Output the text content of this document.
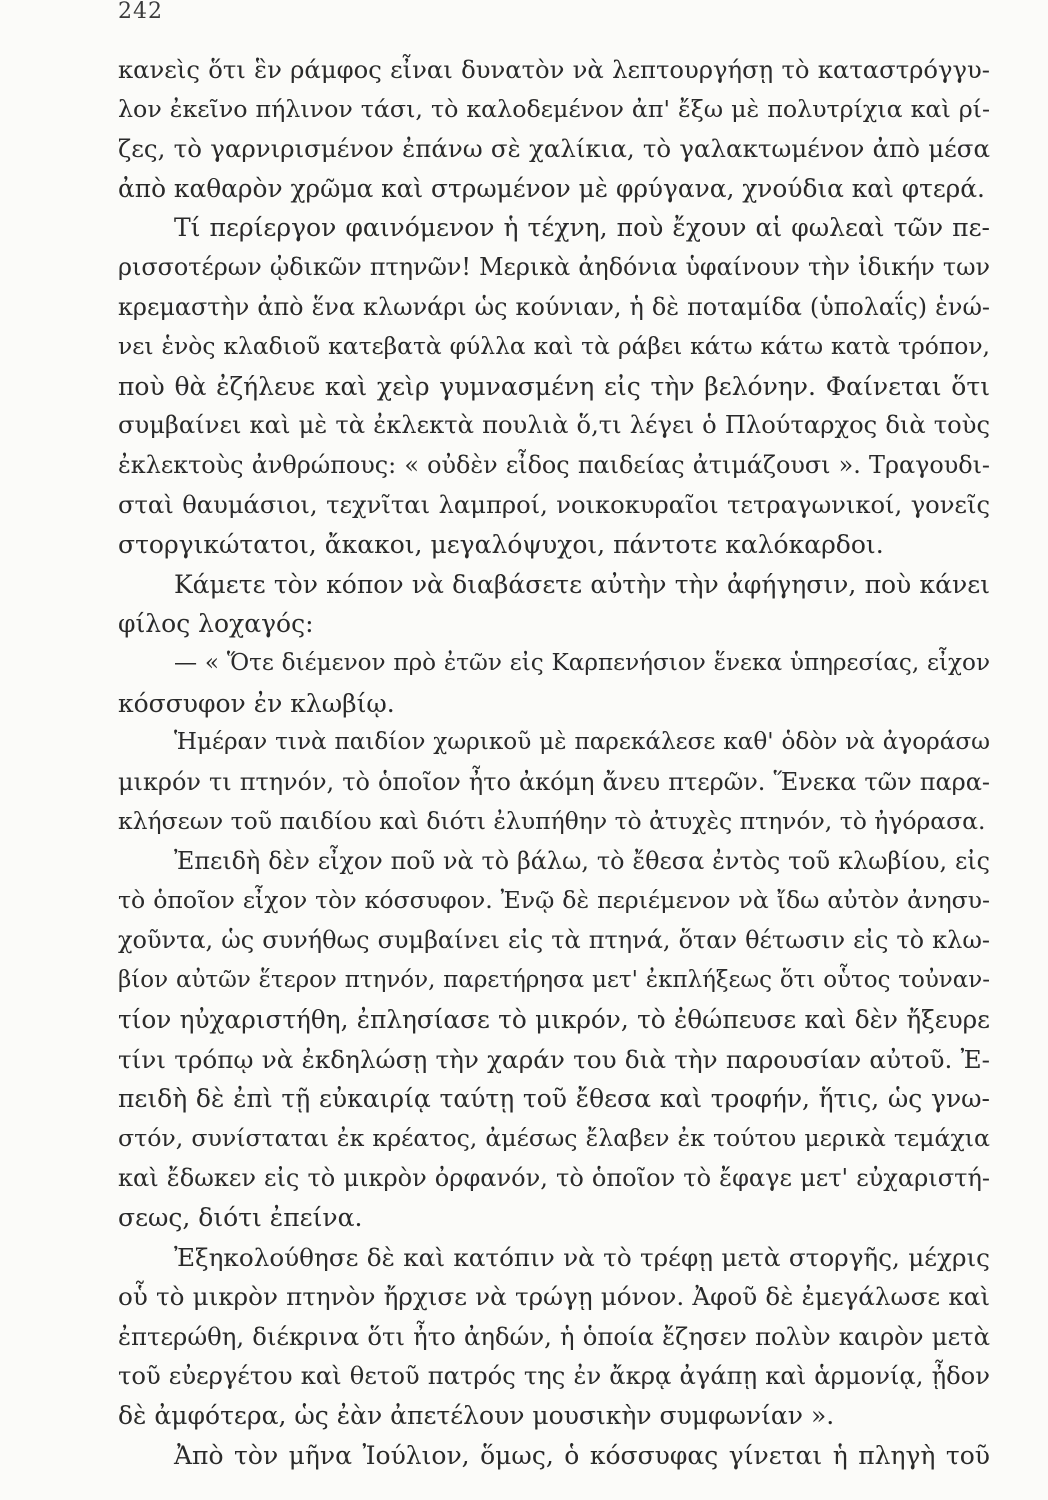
242
κανεὶς ὅτι ἓν ράμφος εἶναι δυνατὸν νὰ λεπτουργήσῃ τὸ καταστρόγγυ-
λον ἐκεῖνο πήλινον τάσι, τὸ καλοδεμένον ἀπ' ἔξω μὲ πολυτρίχια καὶ ρί-
ζες, τὸ γαρνιρισμένον ἐπάνω σὲ χαλίκια, τὸ γαλακτωμένον ἀπὸ μέσα
ἀπὸ καθαρὸν χρῶμα καὶ στρωμένον μὲ φρύγανα, χνούδια καὶ φτερά.
Τί περίεργον φαινόμενον ἡ τέχνη, ποὺ ἔχουν αἱ φωλεαὶ τῶν πε-
ρισσοτέρων ᾠδικῶν πτηνῶν! Μερικὰ ἀηδόνια ὑφαίνουν τὴν ἰδικήν των
κρεμαστὴν ἀπὸ ἕνα κλωνάρι ὡς κούνιαν, ἡ δὲ ποταμίδα (ὑπολαΐς) ἑνώ-
νει ἑνὸς κλαδιοῦ κατεβατὰ φύλλα καὶ τὰ ράβει κάτω κάτω κατὰ τρόπον,
ποὺ θὰ ἐζήλευε καὶ χεὶρ γυμνασμένη εἰς τὴν βελόνην. Φαίνεται ὅτι
συμβαίνει καὶ μὲ τὰ ἐκλεκτὰ πουλιὰ ὅ,τι λέγει ὁ Πλούταρχος διὰ τοὺς
ἐκλεκτοὺς ἀνθρώπους: « οὐδὲν εἶδος παιδείας ἀτιμάζουσι ». Τραγουδι-
σταὶ θαυμάσιοι, τεχνῖται λαμπροί, νοικοκυραῖοι τετραγωνικοί, γονεῖς
στοργικώτατοι, ἄκακοι, μεγαλόψυχοι, πάντοτε καλόκαρδοι.
Κάμετε τὸν κόπον νὰ διαβάσετε αὐτὴν τὴν ἀφήγησιν, ποὺ κάνει
φίλος λοχαγός:
— « Ὅτε διέμενον πρὸ ἐτῶν εἰς Καρπενήσιον ἕνεκα ὑπηρεσίας, εἶχον
κόσσυφον ἐν κλωβίῳ.
Ἡμέραν τινὰ παιδίον χωρικοῦ μὲ παρεκάλεσε καθ' ὁδὸν νὰ ἀγοράσω
μικρόν τι πτηνόν, τὸ ὁποῖον ἦτο ἀκόμη ἄνευ πτερῶν. Ἕνεκα τῶν παρα-
κλήσεων τοῦ παιδίου καὶ διότι ἐλυπήθην τὸ ἀτυχὲς πτηνόν, τὸ ἠγόρασα.
Ἐπειδὴ δὲν εἶχον ποῦ νὰ τὸ βάλω, τὸ ἔθεσα ἐντὸς τοῦ κλωβίου, εἰς
τὸ ὁποῖον εἶχον τὸν κόσσυφον. Ἐνῷ δὲ περιέμενον νὰ ἴδω αὐτὸν ἀνησυ-
χοῦντα, ὡς συνήθως συμβαίνει εἰς τὰ πτηνά, ὅταν θέτωσιν εἰς τὸ κλω-
βίον αὐτῶν ἕτερον πτηνόν, παρετήρησα μετ' ἐκπλήξεως ὅτι οὗτος τοὐναν-
τίον ηὐχαριστήθη, ἐπλησίασε τὸ μικρόν, τὸ ἐθώπευσε καὶ δὲν ἤξευρε
τίνι τρόπῳ νὰ ἐκδηλώσῃ τὴν χαράν του διὰ τὴν παρουσίαν αὐτοῦ. Ἐ-
πειδὴ δὲ ἐπὶ τῇ εὐκαιρίᾳ ταύτῃ τοῦ ἔθεσα καὶ τροφήν, ἥτις, ὡς γνω-
στόν, συνίσταται ἐκ κρέατος, ἀμέσως ἔλαβεν ἐκ τούτου μερικὰ τεμάχια
καὶ ἔδωκεν εἰς τὸ μικρὸν ὀρφανόν, τὸ ὁποῖον τὸ ἔφαγε μετ' εὐχαριστή-
σεως, διότι ἐπείνα.
Ἐξηκολούθησε δὲ καὶ κατόπιν νὰ τὸ τρέφῃ μετὰ στοργῆς, μέχρις
οὗ τὸ μικρὸν πτηνὸν ἤρχισε νὰ τρώγῃ μόνον. Ἀφοῦ δὲ ἐμεγάλωσε καὶ
ἐπτερώθη, διέκρινα ὅτι ἦτο ἀηδών, ἡ ὁποία ἔζησεν πολὺν καιρὸν μετὰ
τοῦ εὐεργέτου καὶ θετοῦ πατρός της ἐν ἄκρᾳ ἀγάπῃ καὶ ἁρμονίᾳ, ᾖδον
δὲ ἀμφότερα, ὡς ἐὰν ἀπετέλουν μουσικὴν συμφωνίαν ».
Ἀπὸ τὸν μῆνα Ἰούλιον, ὅμως, ὁ κόσσυφας γίνεται ἡ πληγὴ τοῦ
